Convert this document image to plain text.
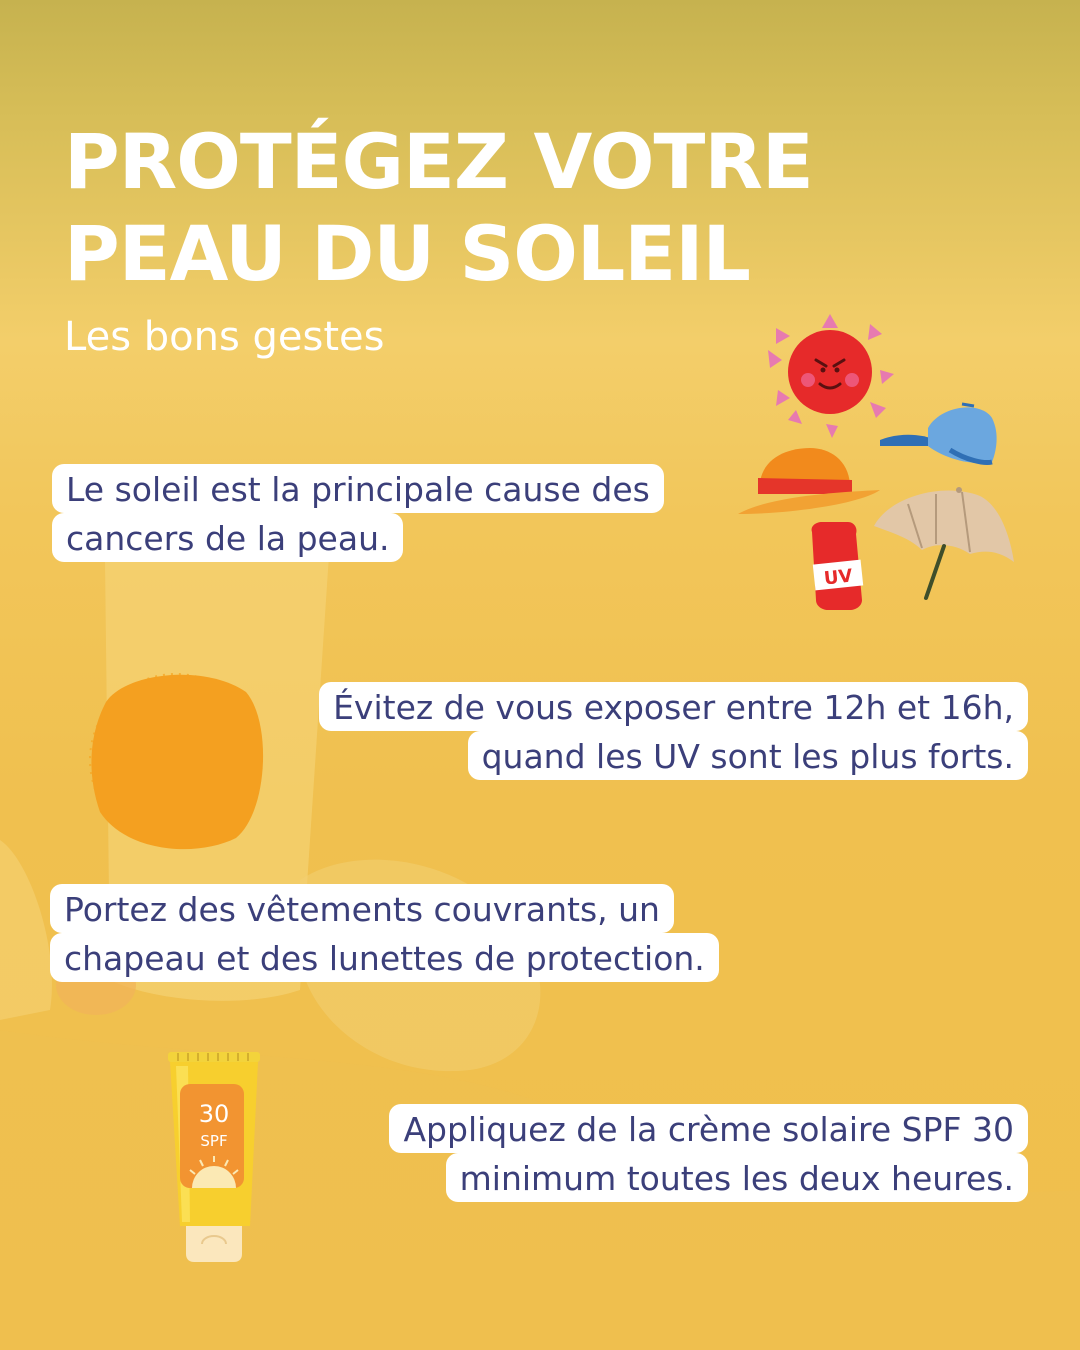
PROTÉGEZ VOTRE
PEAU DU SOLEIL
Les bons gestes
Le soleil est la principale cause des
cancers de la peau.
Évitez de vous exposer entre 12h et 16h,
quand les UV sont les plus forts.
Portez des vêtements couvrants, un
chapeau et des lunettes de protection.
Appliquez de la crème solaire SPF 30
minimum toutes les deux heures.
UV
30
SPF
